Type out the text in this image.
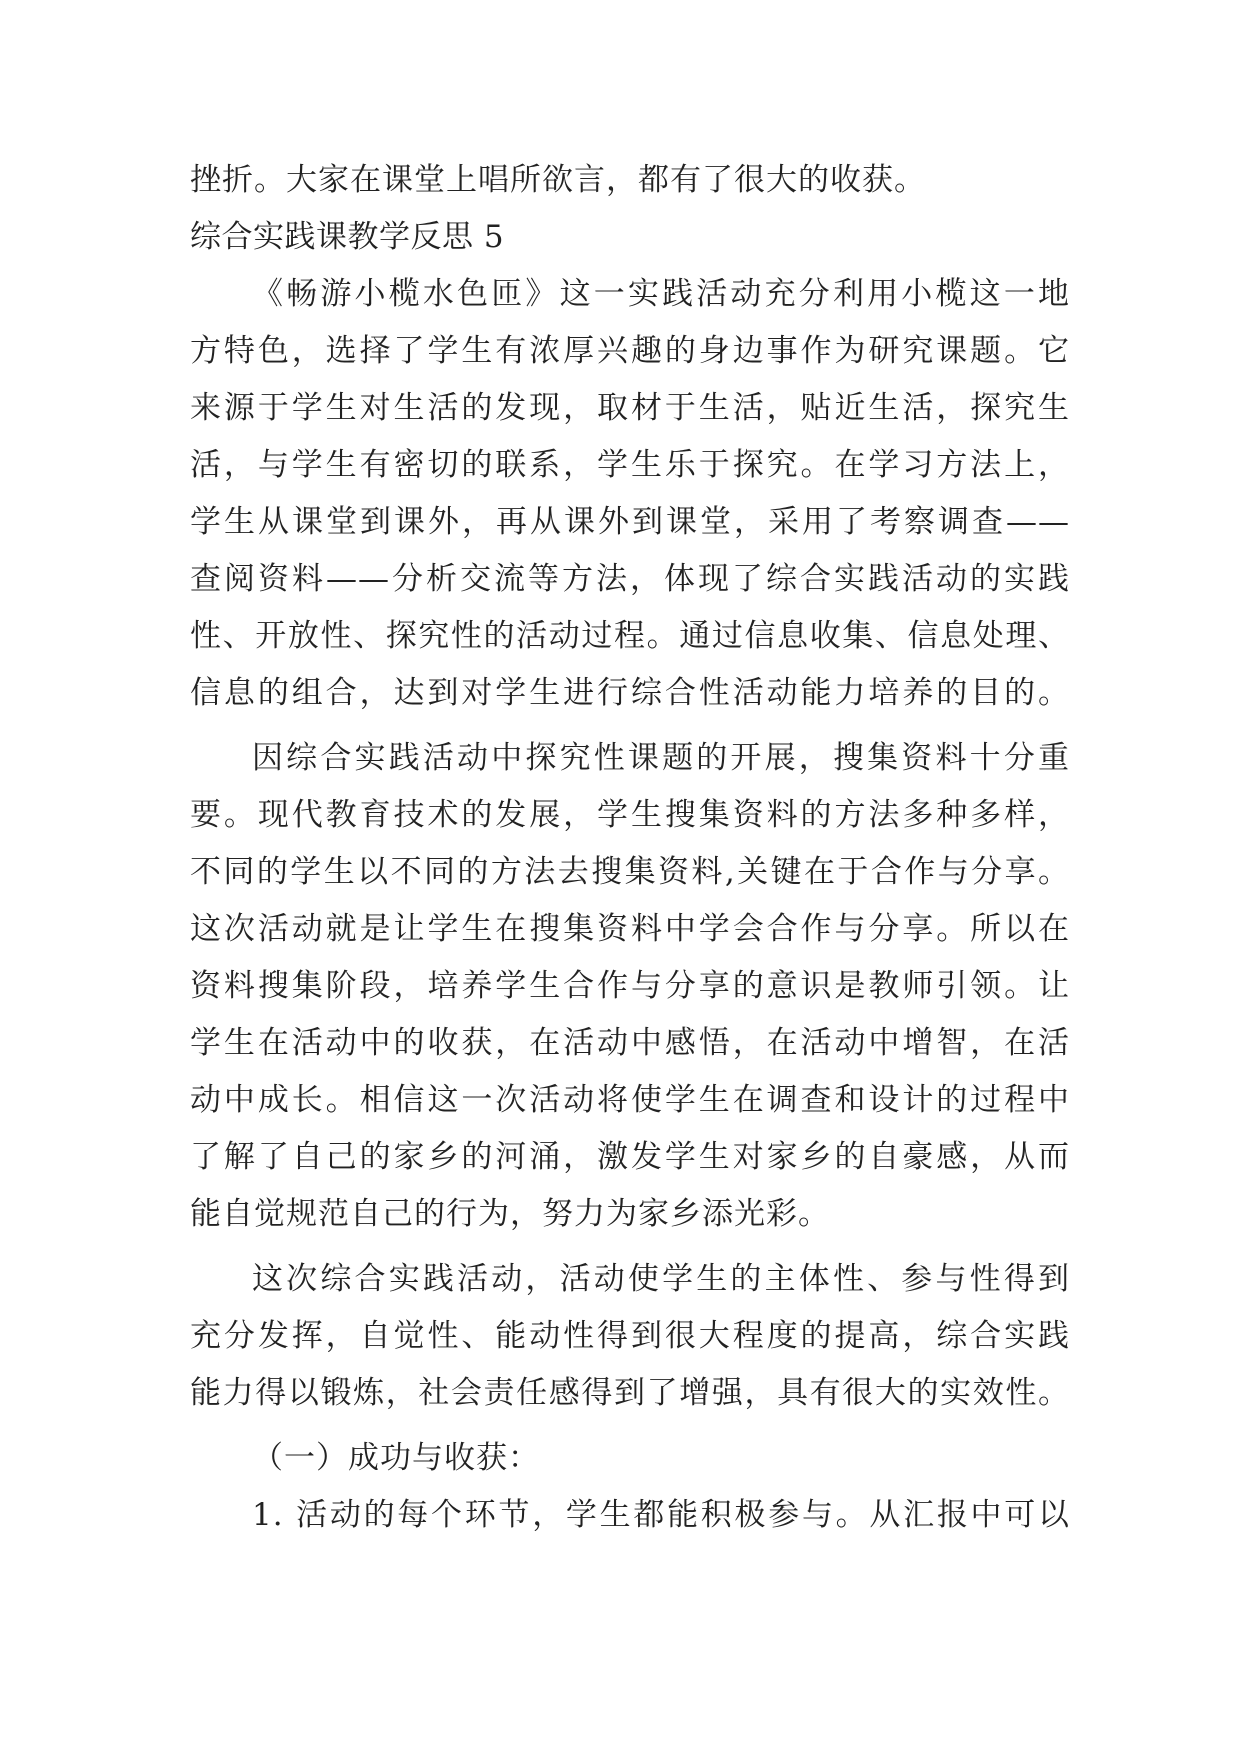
挫折。大家在课堂上唱所欲言，都有了很大的收获。
综合实践课教学反思 5
《畅游小榄水色匝》这一实践活动充分利用小榄这一地
方特色，选择了学生有浓厚兴趣的身边事作为研究课题。它
来源于学生对生活的发现，取材于生活，贴近生活，探究生
活，与学生有密切的联系，学生乐于探究。在学习方法上，
学生从课堂到课外，再从课外到课堂，采用了考察调查——
查阅资料——分析交流等方法，体现了综合实践活动的实践
性、开放性、探究性的活动过程。通过信息收集、信息处理、
信息的组合，达到对学生进行综合性活动能力培养的目的。
因综合实践活动中探究性课题的开展，搜集资料十分重
要。现代教育技术的发展，学生搜集资料的方法多种多样，
不同的学生以不同的方法去搜集资料,关键在于合作与分享。
这次活动就是让学生在搜集资料中学会合作与分享。所以在
资料搜集阶段，培养学生合作与分享的意识是教师引领。让
学生在活动中的收获，在活动中感悟，在活动中增智，在活
动中成长。相信这一次活动将使学生在调查和设计的过程中
了解了自己的家乡的河涌，激发学生对家乡的自豪感，从而
能自觉规范自己的行为，努力为家乡添光彩。
这次综合实践活动，活动使学生的主体性、参与性得到
充分发挥，自觉性、能动性得到很大程度的提高，综合实践
能力得以锻炼，社会责任感得到了增强，具有很大的实效性。
（一）成功与收获：
1. 活动的每个环节，学生都能积极参与。从汇报中可以
